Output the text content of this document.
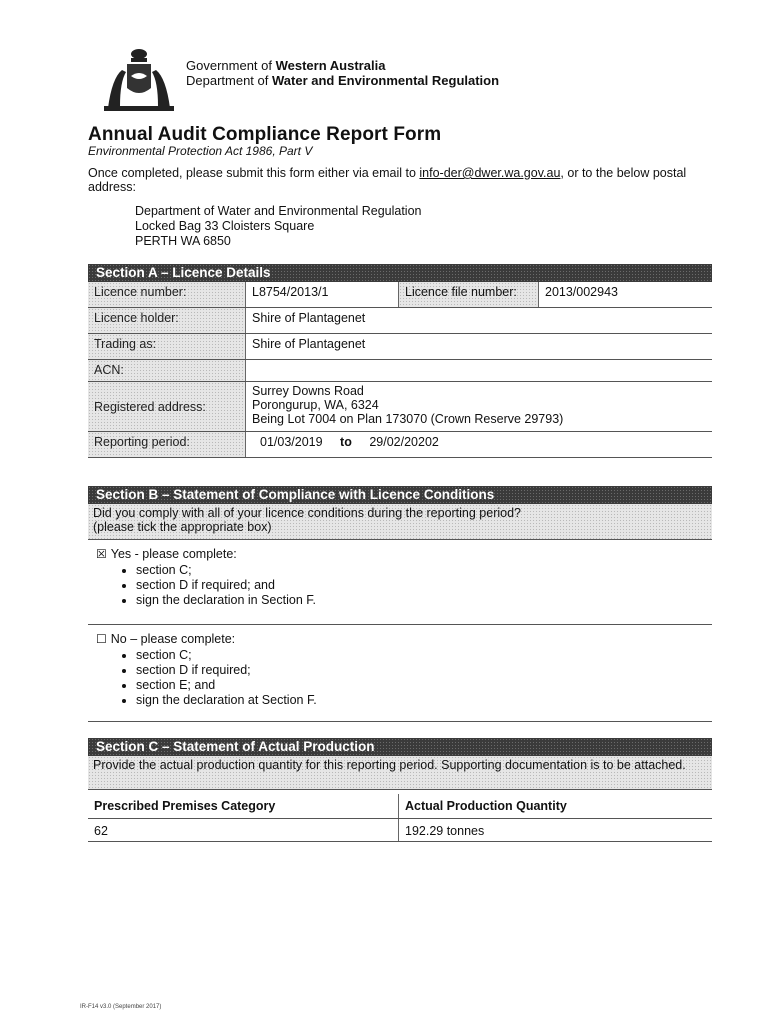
Government of Western Australia
Department of Water and Environmental Regulation
Annual Audit Compliance Report Form
Environmental Protection Act 1986, Part V
Once completed, please submit this form either via email to info-der@dwer.wa.gov.au, or to the below postal address:
Department of Water and Environmental Regulation
Locked Bag 33 Cloisters Square
PERTH WA 6850
Section A – Licence Details
Licence number:	L8754/2013/1	Licence file number:	2013/002943
Licence holder:	Shire of Plantagenet
Trading as:	Shire of Plantagenet
ACN:
Registered address:
Surrey Downs Road
Porongurup, WA, 6324
Being Lot 7004 on Plan 173070 (Crown Reserve 29793)
Reporting period:	01/03/2019 to 29/02/20202
Section B – Statement of Compliance with Licence Conditions
Did you comply with all of your licence conditions during the reporting period?
(please tick the appropriate box)
☒ Yes - please complete:
• section C;
• section D if required; and
• sign the declaration in Section F.
☐ No – please complete:
• section C;
• section D if required;
• section E; and
• sign the declaration at Section F.
Section C – Statement of Actual Production
Provide the actual production quantity for this reporting period. Supporting documentation is to be attached.
Prescribed Premises Category	Actual Production Quantity
62	192.29 tonnes
IR-F14 v3.0 (September 2017)
